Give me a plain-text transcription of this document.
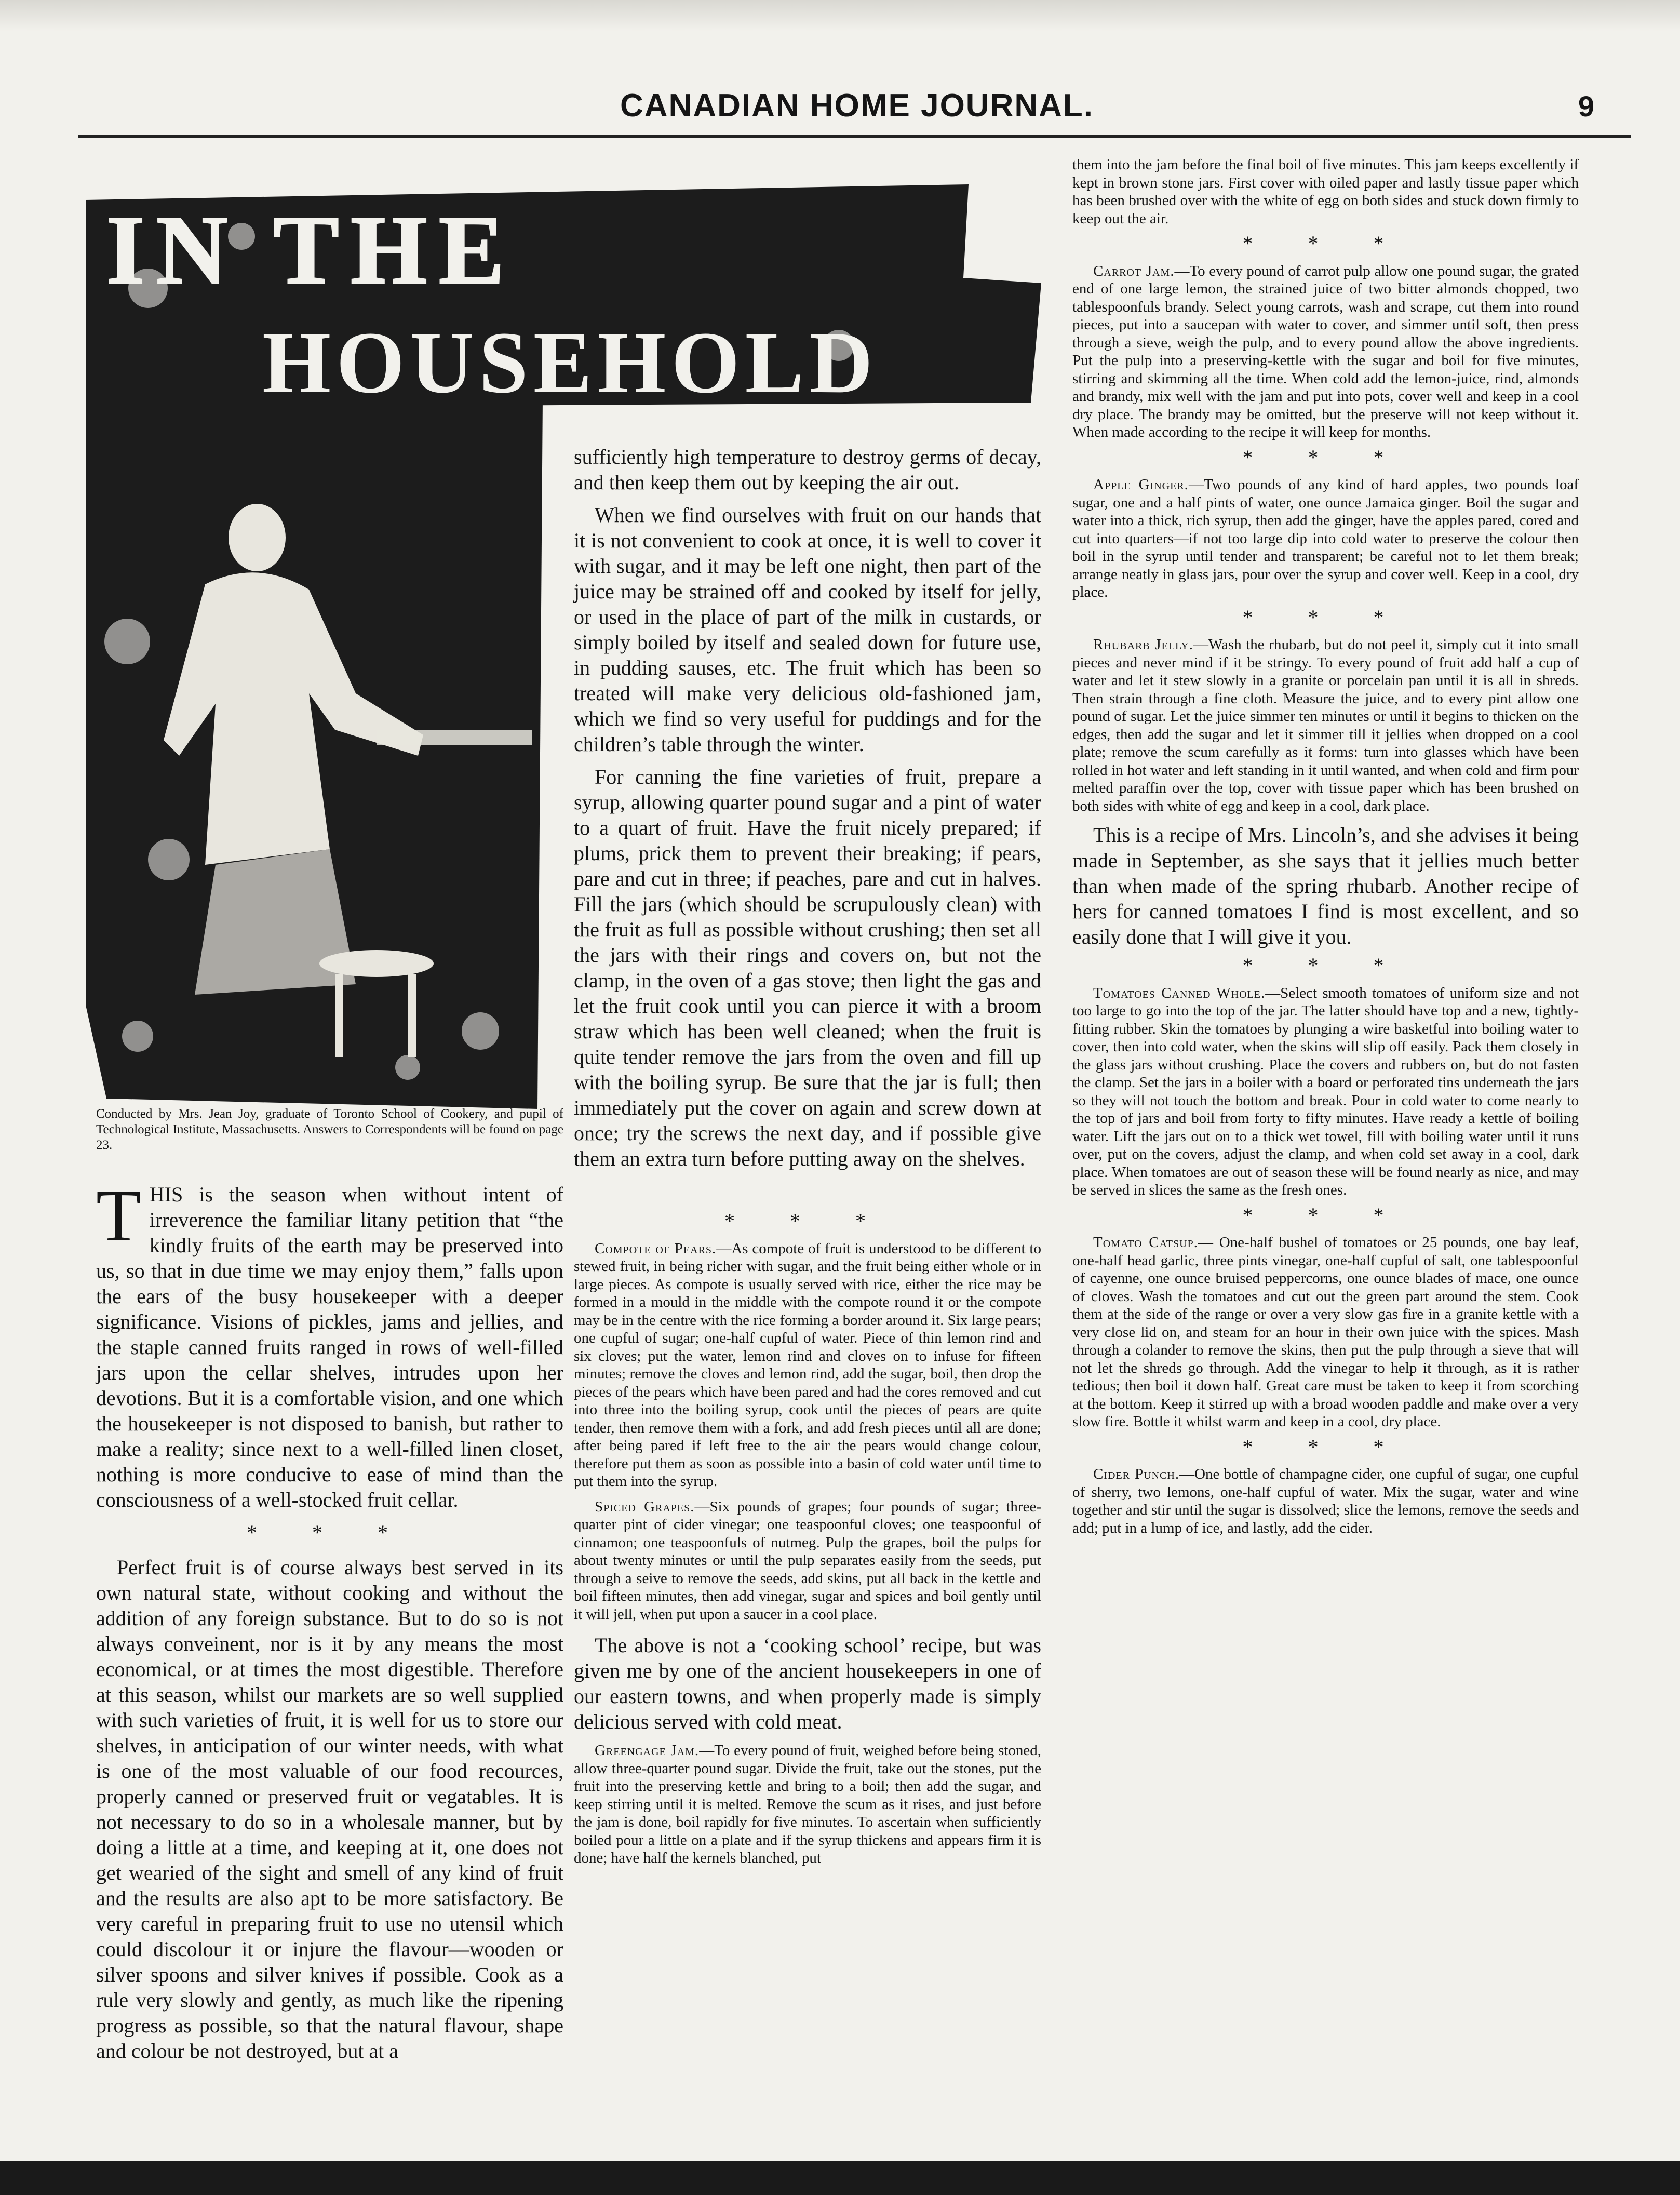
CANADIAN HOME JOURNAL.	9
IN THE
HOUSEHOLD
Conducted by Mrs. Jean Joy, graduate of Toronto School of Cookery, and pupil of Technological Institute, Massachusetts. Answers to Correspondents will be found on page 23.

THIS is the season when without intent of irreverence the familiar litany petition that “the kindly fruits of the earth may be preserved into us, so that in due time we may enjoy them,” falls upon the ears of the busy housekeeper with a deeper significance. Visions of pickles, jams and jellies, and the staple canned fruits ranged in rows of well-filled jars upon the cellar shelves, intrudes upon her devotions. But it is a comfortable vision, and one which the housekeeper is not disposed to banish, but rather to make a reality; since next to a well-filled linen closet, nothing is more conducive to ease of mind than the consciousness of a well-stocked fruit cellar.

* * *

Perfect fruit is of course always best served in its own natural state, without cooking and without the addition of any foreign substance. But to do so is not always conveinent, nor is it by any means the most economical, or at times the most digestible. Therefore at this season, whilst our markets are so well supplied with such varieties of fruit, it is well for us to store our shelves, in anticipation of our winter needs, with what is one of the most valuable of our food recources, properly canned or preserved fruit or vegatables. It is not necessary to do so in a wholesale manner, but by doing a little at a time, and keeping at it, one does not get wearied of the sight and smell of any kind of fruit and the results are also apt to be more satisfactory. Be very careful in preparing fruit to use no utensil which could discolour it or injure the flavour—wooden or silver spoons and silver knives if possible. Cook as a rule very slowly and gently, as much like the ripening progress as possible, so that the natural flavour, shape and colour be not destroyed, but at a

sufficiently high temperature to destroy germs of decay, and then keep them out by keeping the air out.

When we find ourselves with fruit on our hands that it is not convenient to cook at once, it is well to cover it with sugar, and it may be left one night, then part of the juice may be strained off and cooked by itself for jelly, or used in the place of part of the milk in custards, or simply boiled by itself and sealed down for future use, in pudding sauses, etc. The fruit which has been so treated will make very delicious old-fashioned jam, which we find so very useful for puddings and for the children’s table through the winter.

For canning the fine varieties of fruit, prepare a syrup, allowing quarter pound sugar and a pint of water to a quart of fruit. Have the fruit nicely prepared; if plums, prick them to prevent their breaking; if pears, pare and cut in three; if peaches, pare and cut in halves. Fill the jars (which should be scrupulously clean) with the fruit as full as possible without crushing; then set all the jars with their rings and covers on, but not the clamp, in the oven of a gas stove; then light the gas and let the fruit cook until you can pierce it with a broom straw which has been well cleaned; when the fruit is quite tender remove the jars from the oven and fill up with the boiling syrup. Be sure that the jar is full; then immediately put the cover on again and screw down at once; try the screws the next day, and if possible give them an extra turn before putting away on the shelves.

* * *

Compote of Pears.—As compote of fruit is understood to be different to stewed fruit, in being richer with sugar, and the fruit being either whole or in large pieces. As compote is usually served with rice, either the rice may be formed in a mould in the middle with the compote round it or the compote may be in the centre with the rice forming a border around it. Six large pears; one cupful of sugar; one-half cupful of water. Piece of thin lemon rind and six cloves; put the water, lemon rind and cloves on to infuse for fifteen minutes; remove the cloves and lemon rind, add the sugar, boil, then drop the pieces of the pears which have been pared and had the cores removed and cut into three into the boiling syrup, cook until the pieces of pears are quite tender, then remove them with a fork, and add fresh pieces until all are done; after being pared if left free to the air the pears would change colour, therefore put them as soon as possible into a basin of cold water until time to put them into the syrup.

Spiced Grapes.—Six pounds of grapes; four pounds of sugar; three-quarter pint of cider vinegar; one teaspoonful cloves; one teaspoonful of cinnamon; one teaspoonfuls of nutmeg. Pulp the grapes, boil the pulps for about twenty minutes or until the pulp separates easily from the seeds, put through a seive to remove the seeds, add skins, put all back in the kettle and boil fifteen minutes, then add vinegar, sugar and spices and boil gently until it will jell, when put upon a saucer in a cool place.

The above is not a ‘cooking school’ recipe, but was given me by one of the ancient housekeepers in one of our eastern towns, and when properly made is simply delicious served with cold meat.

Greengage Jam.—To every pound of fruit, weighed before being stoned, allow three-quarter pound sugar. Divide the fruit, take out the stones, put the fruit into the preserving kettle and bring to a boil; then add the sugar, and keep stirring until it is melted. Remove the scum as it rises, and just before the jam is done, boil rapidly for five minutes. To ascertain when sufficiently boiled pour a little on a plate and if the syrup thickens and appears firm it is done; have half the kernels blanched, put

them into the jam before the final boil of five minutes. This jam keeps excellently if kept in brown stone jars. First cover with oiled paper and lastly tissue paper which has been brushed over with the white of egg on both sides and stuck down firmly to keep out the air.

* * *

Carrot Jam.—To every pound of carrot pulp allow one pound sugar, the grated end of one large lemon, the strained juice of two bitter almonds chopped, two tablespoonfuls brandy. Select young carrots, wash and scrape, cut them into round pieces, put into a saucepan with water to cover, and simmer until soft, then press through a sieve, weigh the pulp, and to every pound allow the above ingredients. Put the pulp into a preserving-kettle with the sugar and boil for five minutes, stirring and skimming all the time. When cold add the lemon-juice, rind, almonds and brandy, mix well with the jam and put into pots, cover well and keep in a cool dry place. The brandy may be omitted, but the preserve will not keep without it. When made according to the recipe it will keep for months.

* * *

Apple Ginger.—Two pounds of any kind of hard apples, two pounds loaf sugar, one and a half pints of water, one ounce Jamaica ginger. Boil the sugar and water into a thick, rich syrup, then add the ginger, have the apples pared, cored and cut into quarters—if not too large dip into cold water to preserve the colour then boil in the syrup until tender and transparent; be careful not to let them break; arrange neatly in glass jars, pour over the syrup and cover well. Keep in a cool, dry place.

* * *

Rhubarb Jelly.—Wash the rhubarb, but do not peel it, simply cut it into small pieces and never mind if it be stringy. To every pound of fruit add half a cup of water and let it stew slowly in a granite or porcelain pan until it is all in shreds. Then strain through a fine cloth. Measure the juice, and to every pint allow one pound of sugar. Let the juice simmer ten minutes or until it begins to thicken on the edges, then add the sugar and let it simmer till it jellies when dropped on a cool plate; remove the scum carefully as it forms: turn into glasses which have been rolled in hot water and left standing in it until wanted, and when cold and firm pour melted paraffin over the top, cover with tissue paper which has been brushed on both sides with white of egg and keep in a cool, dark place.

This is a recipe of Mrs. Lincoln’s, and she advises it being made in September, as she says that it jellies much better than when made of the spring rhubarb. Another recipe of hers for canned tomatoes I find is most excellent, and so easily done that I will give it you.

* * *

Tomatoes Canned Whole.—Select smooth tomatoes of uniform size and not too large to go into the top of the jar. The latter should have top and a new, tightly-fitting rubber. Skin the tomatoes by plunging a wire basketful into boiling water to cover, then into cold water, when the skins will slip off easily. Pack them closely in the glass jars without crushing. Place the covers and rubbers on, but do not fasten the clamp. Set the jars in a boiler with a board or perforated tins underneath the jars so they will not touch the bottom and break. Pour in cold water to come nearly to the top of jars and boil from forty to fifty minutes. Have ready a kettle of boiling water. Lift the jars out on to a thick wet towel, fill with boiling water until it runs over, put on the covers, adjust the clamp, and when cold set away in a cool, dark place. When tomatoes are out of season these will be found nearly as nice, and may be served in slices the same as the fresh ones.

* * *

Tomato Catsup.— One-half bushel of tomatoes or 25 pounds, one bay leaf, one-half head garlic, three pints vinegar, one-half cupful of salt, one tablespoonful of cayenne, one ounce bruised peppercorns, one ounce blades of mace, one ounce of cloves. Wash the tomatoes and cut out the green part around the stem. Cook them at the side of the range or over a very slow gas fire in a granite kettle with a very close lid on, and steam for an hour in their own juice with the spices. Mash through a colander to remove the skins, then put the pulp through a sieve that will not let the shreds go through. Add the vinegar to help it through, as it is rather tedious; then boil it down half. Great care must be taken to keep it from scorching at the bottom. Keep it stirred up with a broad wooden paddle and make over a very slow fire. Bottle it whilst warm and keep in a cool, dry place.

* * *

Cider Punch.—One bottle of champagne cider, one cupful of sugar, one cupful of sherry, two lemons, one-half cupful of water. Mix the sugar, water and wine together and stir until the sugar is dissolved; slice the lemons, remove the seeds and add; put in a lump of ice, and lastly, add the cider.
